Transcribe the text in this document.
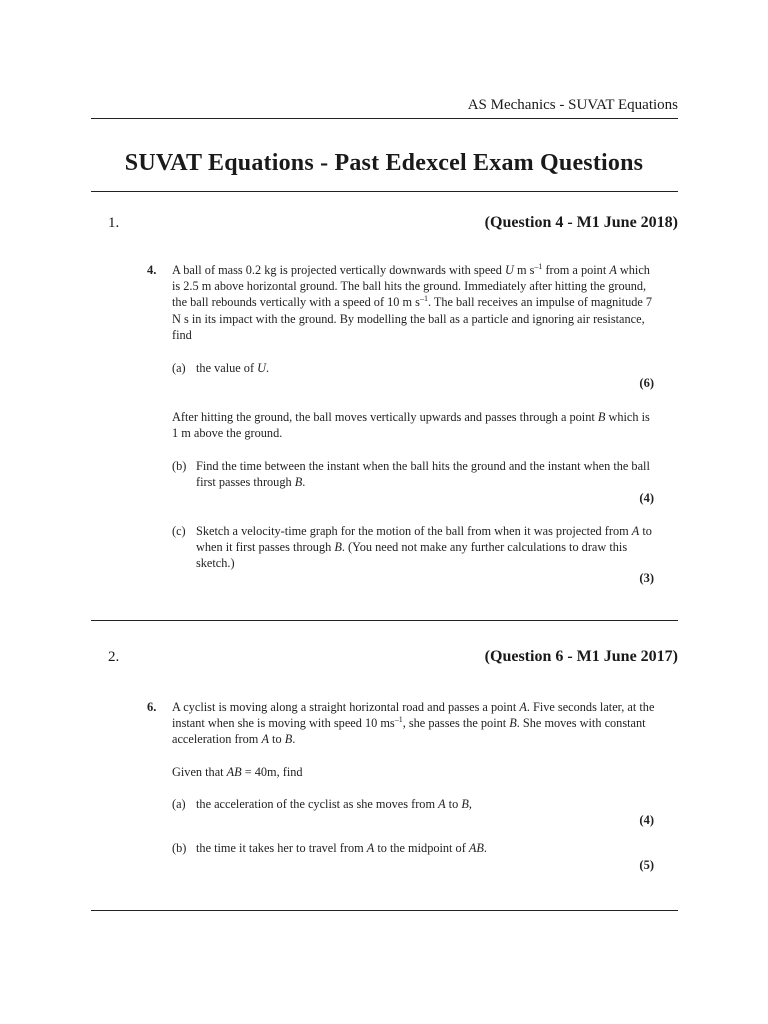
AS Mechanics - SUVAT Equations
SUVAT Equations - Past Edexcel Exam Questions
1.	(Question 4 - M1 June 2018)
4. A ball of mass 0.2 kg is projected vertically downwards with speed U m $s^{-1}$ from a point A which is 2.5 m above horizontal ground. The ball hits the ground. Immediately after hitting the ground, the ball rebounds vertically with a speed of 10 m $s^{-1}$. The ball receives an impulse of magnitude 7 N s in its impact with the ground. By modelling the ball as a particle and ignoring air resistance, find
(a) the value of U.
(6)
After hitting the ground, the ball moves vertically upwards and passes through a point B which is 1 m above the ground.
(b) Find the time between the instant when the ball hits the ground and the instant when the ball first passes through B.
(4)
(c) Sketch a velocity-time graph for the motion of the ball from when it was projected from A to when it first passes through B. (You need not make any further calculations to draw this sketch.)
(3)
2.	(Question 6 - M1 June 2017)
6. A cyclist is moving along a straight horizontal road and passes a point A. Five seconds later, at the instant when she is moving with speed 10 $ms^{-1}$, she passes the point B. She moves with constant acceleration from A to B.
Given that AB = 40m, find
(a) the acceleration of the cyclist as she moves from A to B,
(4)
(b) the time it takes her to travel from A to the midpoint of AB.
(5)
